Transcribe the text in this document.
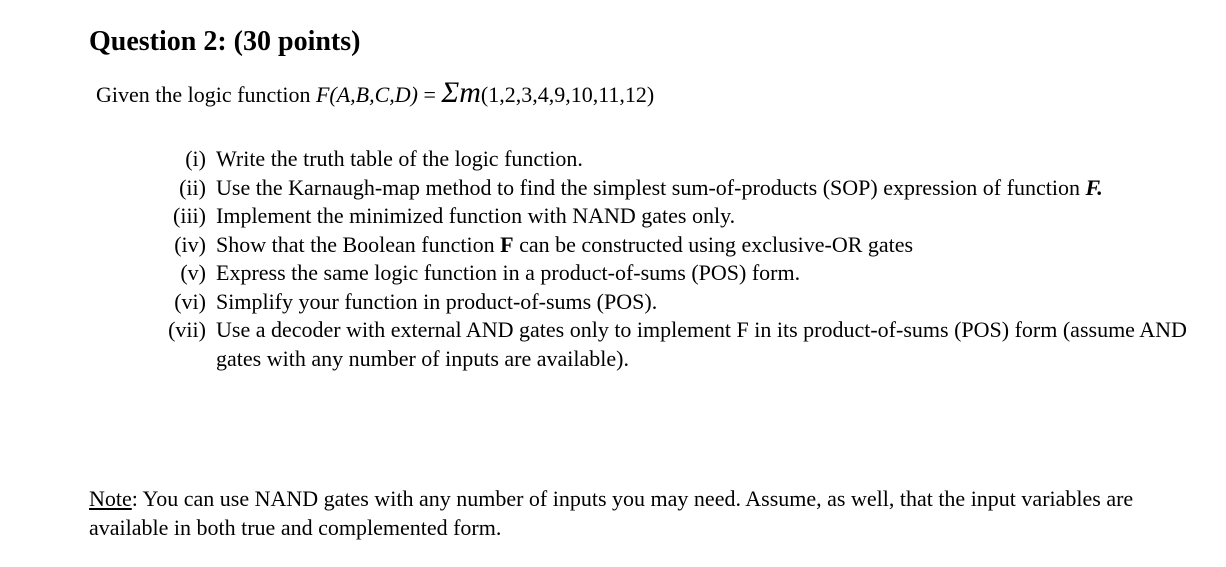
Question 2: (30 points)
Given the logic function F(A,B,C,D) = Σm(1,2,3,4,9,10,11,12)
(i) Write the truth table of the logic function.
(ii) Use the Karnaugh-map method to find the simplest sum-of-products (SOP) expression of function F.
(iii) Implement the minimized function with NAND gates only.
(iv) Show that the Boolean function F can be constructed using exclusive-OR gates
(v) Express the same logic function in a product-of-sums (POS) form.
(vi) Simplify your function in product-of-sums (POS).
(vii) Use a decoder with external AND gates only to implement F in its product-of-sums (POS) form (assume AND gates with any number of inputs are available).
Note: You can use NAND gates with any number of inputs you may need. Assume, as well, that the input variables are available in both true and complemented form.
